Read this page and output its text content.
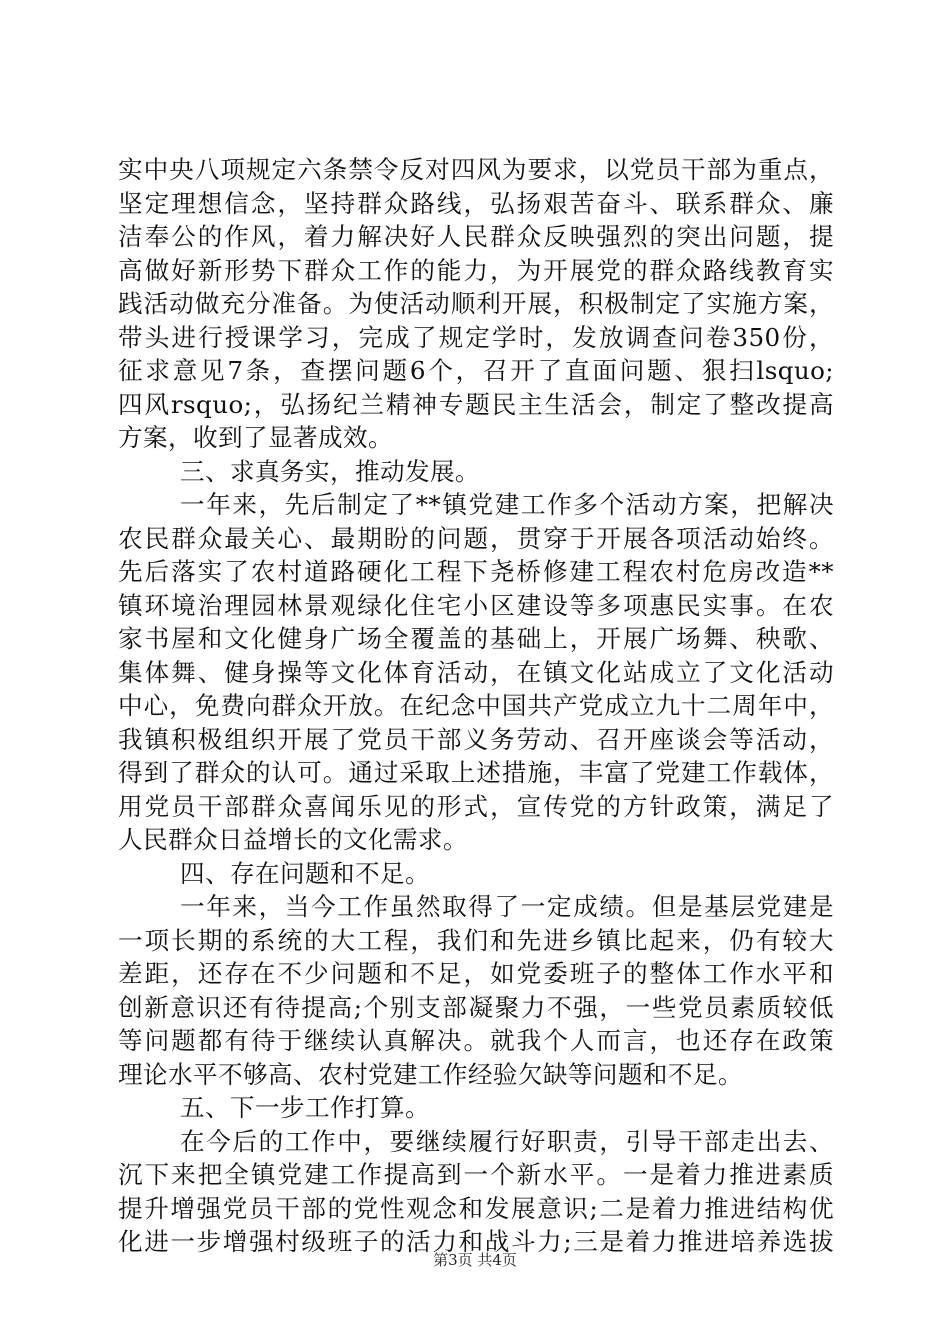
实中央八项规定六条禁令反对四风为要求，以党员干部为重点，
坚定理想信念，坚持群众路线，弘扬艰苦奋斗、联系群众、廉
洁奉公的作风，着力解决好人民群众反映强烈的突出问题，提
高做好新形势下群众工作的能力，为开展党的群众路线教育实
践活动做充分准备。为使活动顺利开展，积极制定了实施方案，
带头进行授课学习，完成了规定学时，发放调查问卷350份，
征求意见7条，查摆问题6个，召开了直面问题、狠扫lsquo;
四风rsquo;，弘扬纪兰精神专题民主生活会，制定了整改提高
方案，收到了显著成效。
三、求真务实，推动发展。
一年来，先后制定了**镇党建工作多个活动方案，把解决
农民群众最关心、最期盼的问题，贯穿于开展各项活动始终。
先后落实了农村道路硬化工程下尧桥修建工程农村危房改造**
镇环境治理园林景观绿化住宅小区建设等多项惠民实事。在农
家书屋和文化健身广场全覆盖的基础上，开展广场舞、秧歌、
集体舞、健身操等文化体育活动，在镇文化站成立了文化活动
中心，免费向群众开放。在纪念中国共产党成立九十二周年中，
我镇积极组织开展了党员干部义务劳动、召开座谈会等活动，
得到了群众的认可。通过采取上述措施，丰富了党建工作载体，
用党员干部群众喜闻乐见的形式，宣传党的方针政策，满足了
人民群众日益增长的文化需求。
四、存在问题和不足。
一年来，当今工作虽然取得了一定成绩。但是基层党建是
一项长期的系统的大工程，我们和先进乡镇比起来，仍有较大
差距，还存在不少问题和不足，如党委班子的整体工作水平和
创新意识还有待提高;个别支部凝聚力不强，一些党员素质较低
等问题都有待于继续认真解决。就我个人而言，也还存在政策
理论水平不够高、农村党建工作经验欠缺等问题和不足。
五、下一步工作打算。
在今后的工作中，要继续履行好职责，引导干部走出去、
沉下来把全镇党建工作提高到一个新水平。一是着力推进素质
提升增强党员干部的党性观念和发展意识;二是着力推进结构优
化进一步增强村级班子的活力和战斗力;三是着力推进培养选拔
第3页 共4页
